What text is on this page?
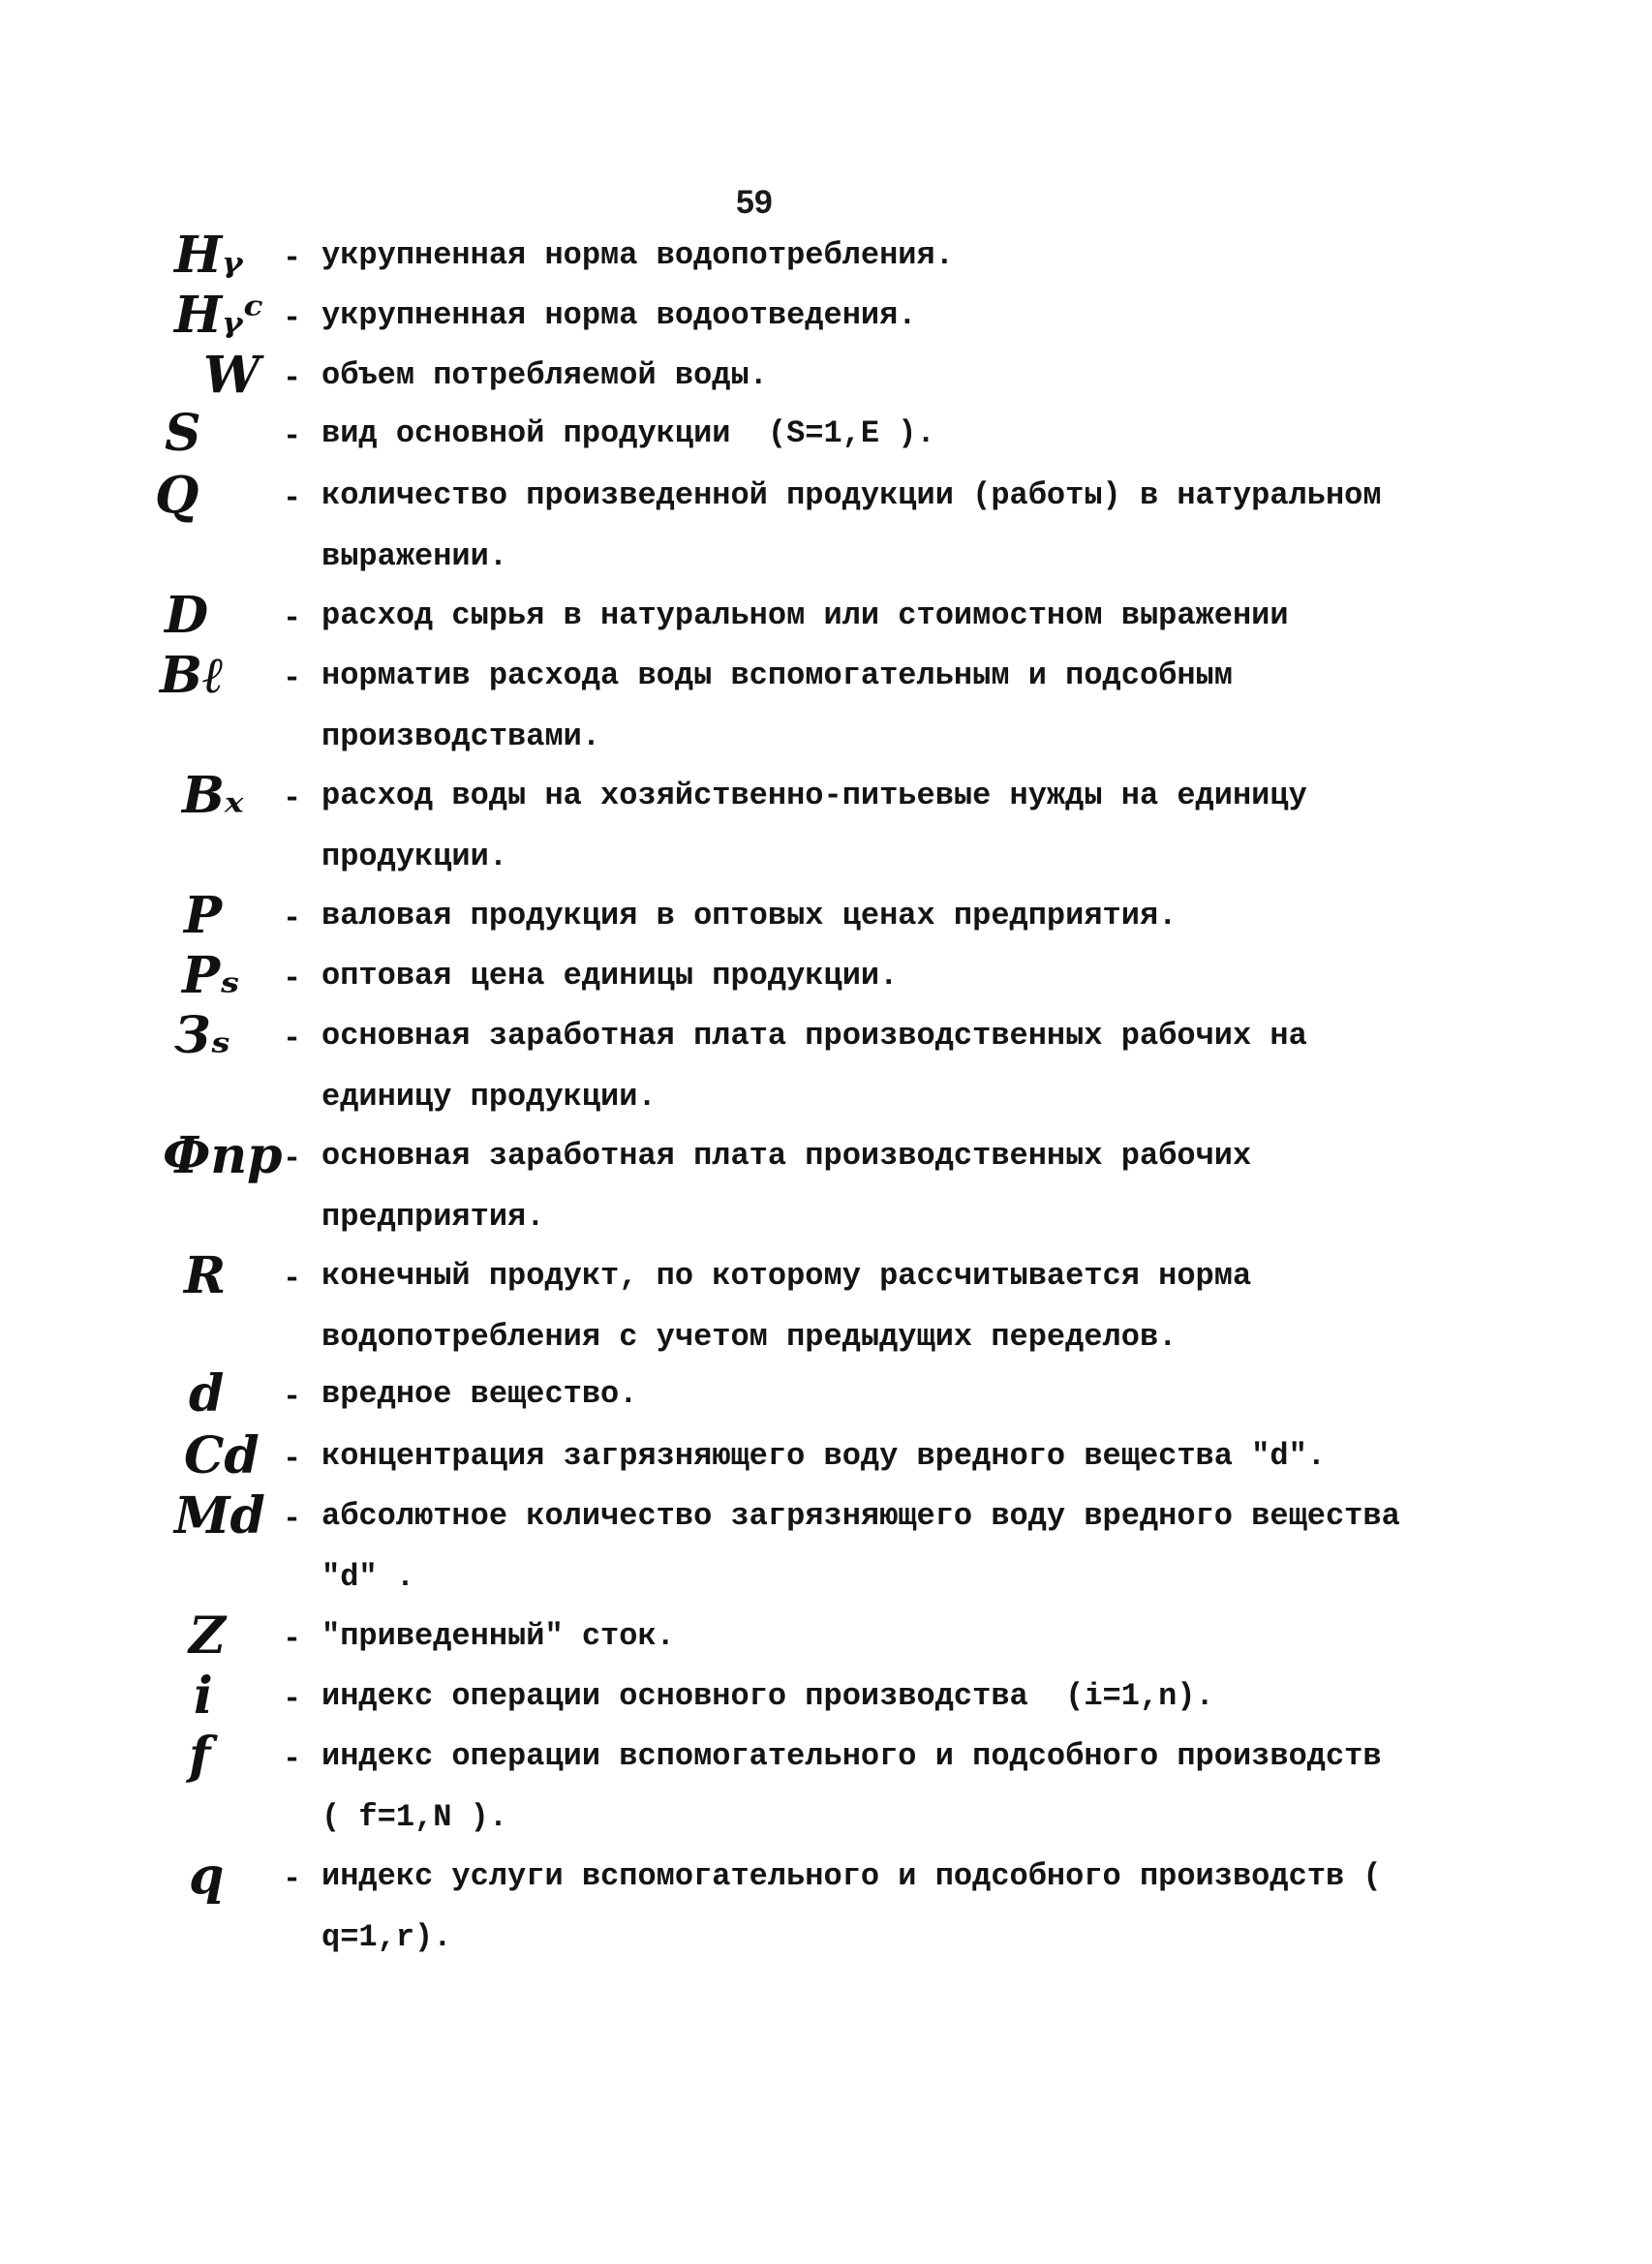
59
Hᵧ	- укрупненная норма водопотребления.
Hᵧᶜ - укрупненная норма водоотведения.
W - объем потребляемой воды.
S	- вид основной продукции  (S=1,E ).
Q	- количество произведенной продукции (работы) в натуральном выражении.
D	- расход сырья в натуральном или стоимостном выражении
Вℓ	- норматив расхода воды вспомогательным и подсобным производствами.
Вₓ	- расход воды на хозяйственно-питьевые нужды на единицу продукции.
P	- валовая продукция в оптовых ценах предприятия.
Pₛ	- оптовая цена единицы продукции.
Зₛ	- основная заработная плата производственных рабочих на единицу продукции.
Фпр - основная заработная плата производственных рабочих предприятия.
R	- конечный продукт, по которому рассчитывается норма водопотребления с учетом предыдущих переделов.
d	- вредное вещество.
Cd - концентрация загрязняющего воду вредного вещества "d".
Md - абсолютное количество загрязняющего воду вредного вещества "d" .
Z	- "приведенный" сток.
i	- индекс операции основного производства  (i=1,n).
f	- индекс операции вспомогательного и подсобного производств ( f=1,N ).
q	- индекс услуги вспомогательного и подсобного производств ( q=1,r).
